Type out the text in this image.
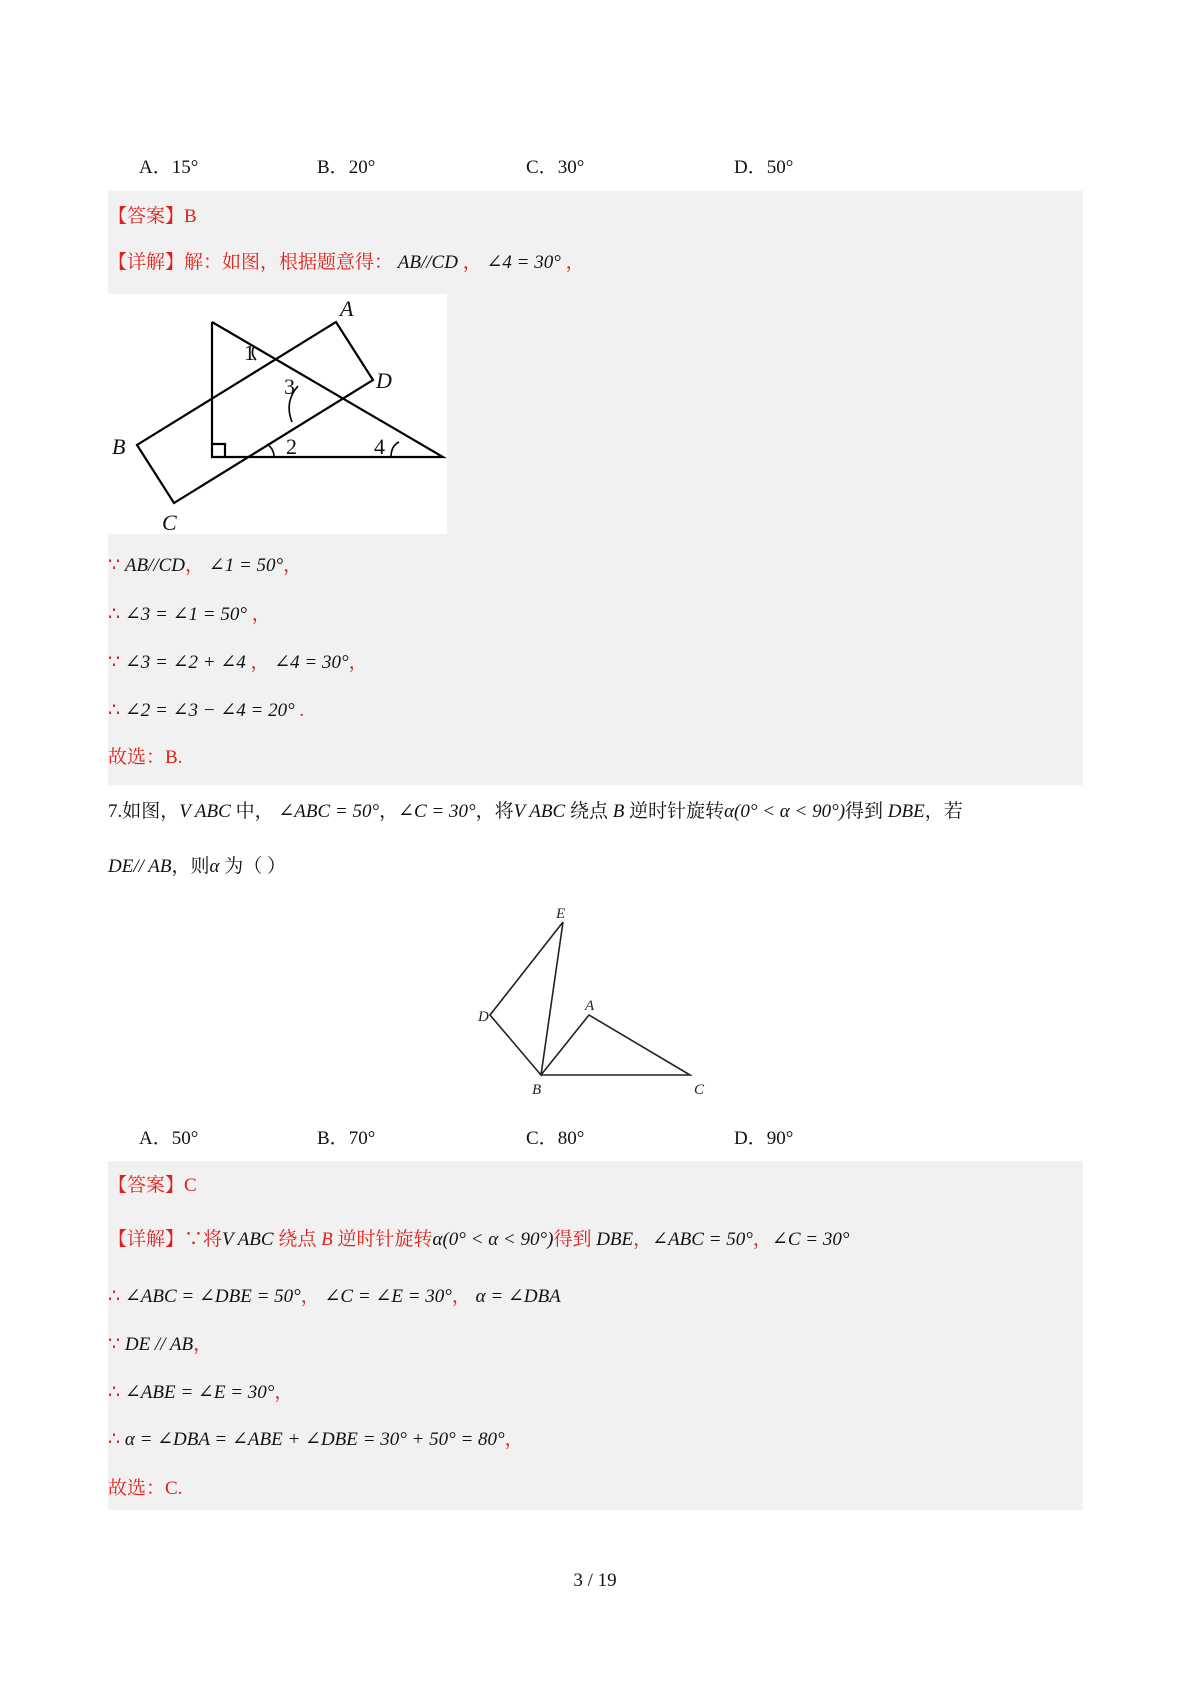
A．15°	B．20°	C．30°	D．50°
【答案】B
【详解】解：如图，根据题意得： AB//CD ， ∠4 = 30° ，
A
D
B
C
1
3
2	4
∵ AB//CD， ∠1 = 50°，
∴ ∠3 = ∠1 = 50° ，
∵ ∠3 = ∠2 + ∠4 ， ∠4 = 30°，
∴ ∠2 = ∠3 − ∠4 = 20° .
故选：B.
7.如图，V ABC 中， ∠ABC = 50°，∠C = 30°，将V ABC 绕点 B 逆时针旋转α(0° < α < 90°)得到 DBE，若
DE// AB，则α 为（ ）
E
D
A
B	C
A．50°	B．70°	C．80°	D．90°
【答案】C
【详解】∵将V ABC 绕点 B 逆时针旋转α(0° < α < 90°)得到 DBE，∠ABC = 50°，∠C = 30°
∴ ∠ABC = ∠DBE = 50°， ∠C = ∠E = 30°， α = ∠DBA
∵ DE // AB，
∴ ∠ABE = ∠E = 30°，
∴ α = ∠DBA = ∠ABE + ∠DBE = 30° + 50° = 80°，
故选：C.
3 / 19
